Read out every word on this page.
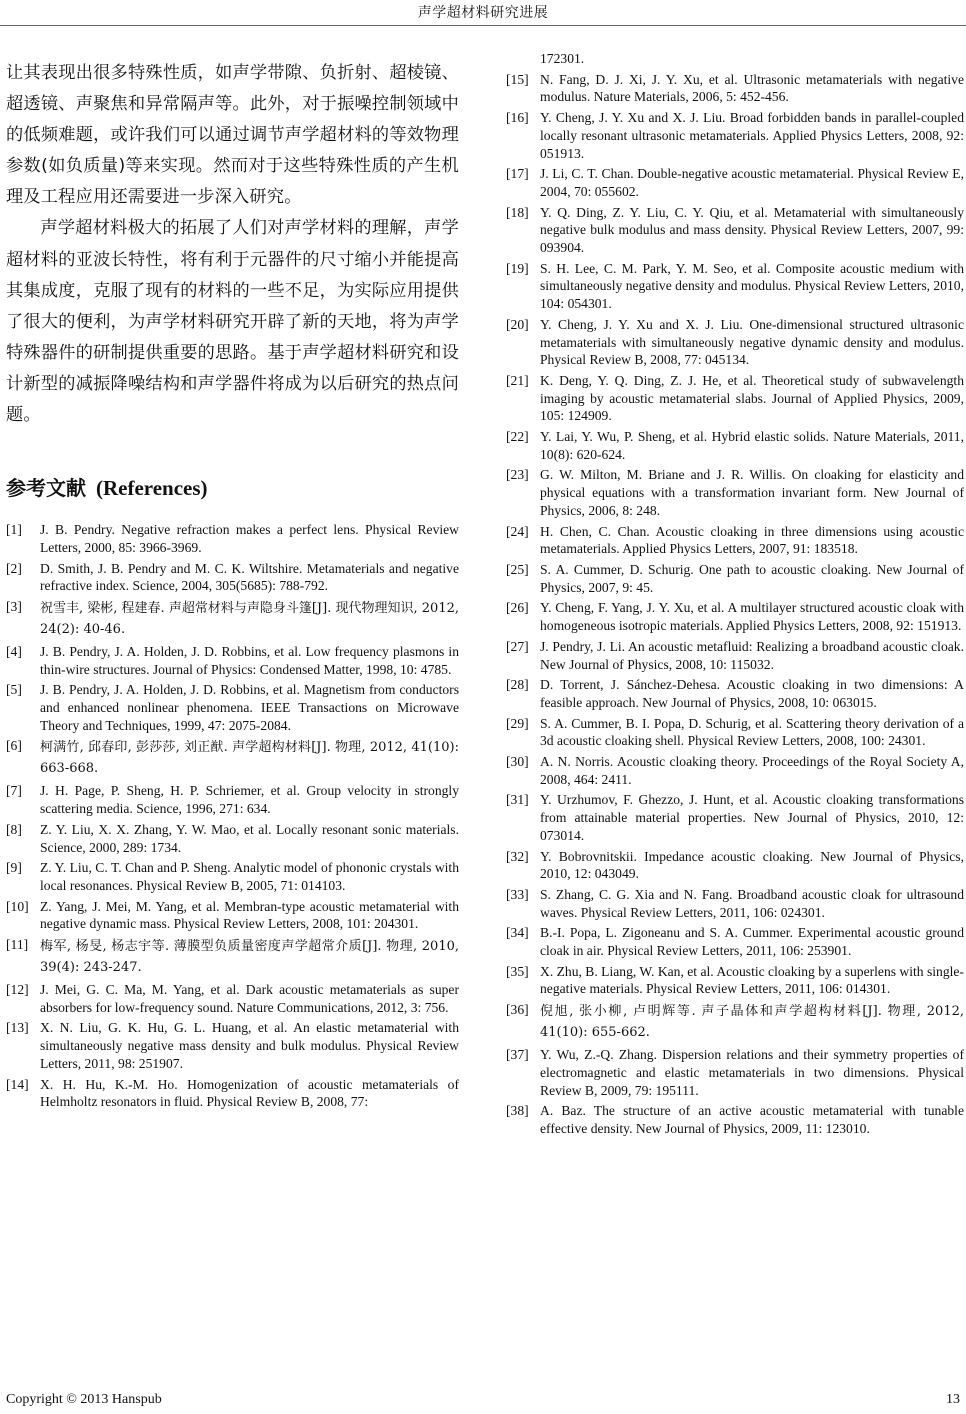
声学超材料研究进展

让其表现出很多特殊性质，如声学带隙、负折射、超棱镜、超透镜、声聚焦和异常隔声等。此外，对于振噪控制领域中的低频难题，或许我们可以通过调节声学超材料的等效物理参数(如负质量)等来实现。然而对于这些特殊性质的产生机理及工程应用还需要进一步深入研究。

声学超材料极大的拓展了人们对声学材料的理解，声学超材料的亚波长特性，将有利于元器件的尺寸缩小并能提高其集成度，克服了现有的材料的一些不足，为实际应用提供了很大的便利，为声学材料研究开辟了新的天地，将为声学特殊器件的研制提供重要的思路。基于声学超材料研究和设计新型的减振降噪结构和声学器件将成为以后研究的热点问题。

参考文献 (References)
[1]	J. B. Pendry. Negative refraction makes a perfect lens. Physical Review Letters, 2000, 85: 3966-3969.
[2]	D. Smith, J. B. Pendry and M. C. K. Wiltshire. Metamaterials and negative refractive index. Science, 2004, 305(5685): 788-792.
[3]	祝雪丰, 梁彬, 程建春. 声超常材料与声隐身斗篷[J]. 现代物理知识, 2012, 24(2): 40-46.
[4]	J. B. Pendry, J. A. Holden, J. D. Robbins, et al. Low frequency plasmons in thin-wire structures. Journal of Physics: Condensed Matter, 1998, 10: 4785.
[5]	J. B. Pendry, J. A. Holden, J. D. Robbins, et al. Magnetism from conductors and enhanced nonlinear phenomena. IEEE Transactions on Microwave Theory and Techniques, 1999, 47: 2075-2084.
[6]	柯满竹, 邱春印, 彭莎莎, 刘正猷. 声学超构材料[J]. 物理, 2012, 41(10): 663-668.
[7]	J. H. Page, P. Sheng, H. P. Schriemer, et al. Group velocity in strongly scattering media. Science, 1996, 271: 634.
[8]	Z. Y. Liu, X. X. Zhang, Y. W. Mao, et al. Locally resonant sonic materials. Science, 2000, 289: 1734.
[9]	Z. Y. Liu, C. T. Chan and P. Sheng. Analytic model of phononic crystals with local resonances. Physical Review B, 2005, 71: 014103.
[10] Z. Yang, J. Mei, M. Yang, et al. Membran-type acoustic metamaterial with negative dynamic mass. Physical Review Letters, 2008, 101: 204301.
[11] 梅军, 杨旻, 杨志宇等. 薄膜型负质量密度声学超常介质[J]. 物理, 2010, 39(4): 243-247.
[12] J. Mei, G. C. Ma, M. Yang, et al. Dark acoustic metamaterials as super absorbers for low-frequency sound. Nature Communications, 2012, 3: 756.
[13] X. N. Liu, G. K. Hu, G. L. Huang, et al. An elastic metamaterial with simultaneously negative mass density and bulk modulus. Physical Review Letters, 2011, 98: 251907.
[14] X. H. Hu, K.-M. Ho. Homogenization of acoustic metamaterials of Helmholtz resonators in fluid. Physical Review B, 2008, 77:
172301.
[15] N. Fang, D. J. Xi, J. Y. Xu, et al. Ultrasonic metamaterials with negative modulus. Nature Materials, 2006, 5: 452-456.
[16] Y. Cheng, J. Y. Xu and X. J. Liu. Broad forbidden bands in parallel-coupled locally resonant ultrasonic metamaterials. Applied Physics Letters, 2008, 92: 051913.
[17] J. Li, C. T. Chan. Double-negative acoustic metamaterial. Physical Review E, 2004, 70: 055602.
[18] Y. Q. Ding, Z. Y. Liu, C. Y. Qiu, et al. Metamaterial with simultaneously negative bulk modulus and mass density. Physical Review Letters, 2007, 99: 093904.
[19] S. H. Lee, C. M. Park, Y. M. Seo, et al. Composite acoustic medium with simultaneously negative density and modulus. Physical Review Letters, 2010, 104: 054301.
[20] Y. Cheng, J. Y. Xu and X. J. Liu. One-dimensional structured ultrasonic metamaterials with simultaneously negative dynamic density and modulus. Physical Review B, 2008, 77: 045134.
[21] K. Deng, Y. Q. Ding, Z. J. He, et al. Theoretical study of subwavelength imaging by acoustic metamaterial slabs. Journal of Applied Physics, 2009, 105: 124909.
[22] Y. Lai, Y. Wu, P. Sheng, et al. Hybrid elastic solids. Nature Materials, 2011, 10(8): 620-624.
[23] G. W. Milton, M. Briane and J. R. Willis. On cloaking for elasticity and physical equations with a transformation invariant form. New Journal of Physics, 2006, 8: 248.
[24] H. Chen, C. Chan. Acoustic cloaking in three dimensions using acoustic metamaterials. Applied Physics Letters, 2007, 91: 183518.
[25] S. A. Cummer, D. Schurig. One path to acoustic cloaking. New Journal of Physics, 2007, 9: 45.
[26] Y. Cheng, F. Yang, J. Y. Xu, et al. A multilayer structured acoustic cloak with homogeneous isotropic materials. Applied Physics Letters, 2008, 92: 151913.
[27] J. Pendry, J. Li. An acoustic metafluid: Realizing a broadband acoustic cloak. New Journal of Physics, 2008, 10: 115032.
[28] D. Torrent, J. Sánchez-Dehesa. Acoustic cloaking in two dimensions: A feasible approach. New Journal of Physics, 2008, 10: 063015.
[29] S. A. Cummer, B. I. Popa, D. Schurig, et al. Scattering theory derivation of a 3d acoustic cloaking shell. Physical Review Letters, 2008, 100: 24301.
[30] A. N. Norris. Acoustic cloaking theory. Proceedings of the Royal Society A, 2008, 464: 2411.
[31] Y. Urzhumov, F. Ghezzo, J. Hunt, et al. Acoustic cloaking transformations from attainable material properties. New Journal of Physics, 2010, 12: 073014.
[32] Y. Bobrovnitskii. Impedance acoustic cloaking. New Journal of Physics, 2010, 12: 043049.
[33] S. Zhang, C. G. Xia and N. Fang. Broadband acoustic cloak for ultrasound waves. Physical Review Letters, 2011, 106: 024301.
[34] B.-I. Popa, L. Zigoneanu and S. A. Cummer. Experimental acoustic ground cloak in air. Physical Review Letters, 2011, 106: 253901.
[35] X. Zhu, B. Liang, W. Kan, et al. Acoustic cloaking by a superlens with single-negative materials. Physical Review Letters, 2011, 106: 014301.
[36] 倪旭, 张小柳, 卢明辉等. 声子晶体和声学超构材料[J]. 物理, 2012, 41(10): 655-662.
[37] Y. Wu, Z.-Q. Zhang. Dispersion relations and their symmetry properties of electromagnetic and elastic metamaterials in two dimensions. Physical Review B, 2009, 79: 195111.
[38] A. Baz. The structure of an active acoustic metamaterial with tunable effective density. New Journal of Physics, 2009, 11: 123010.
Copyright © 2013 Hanspub	13
